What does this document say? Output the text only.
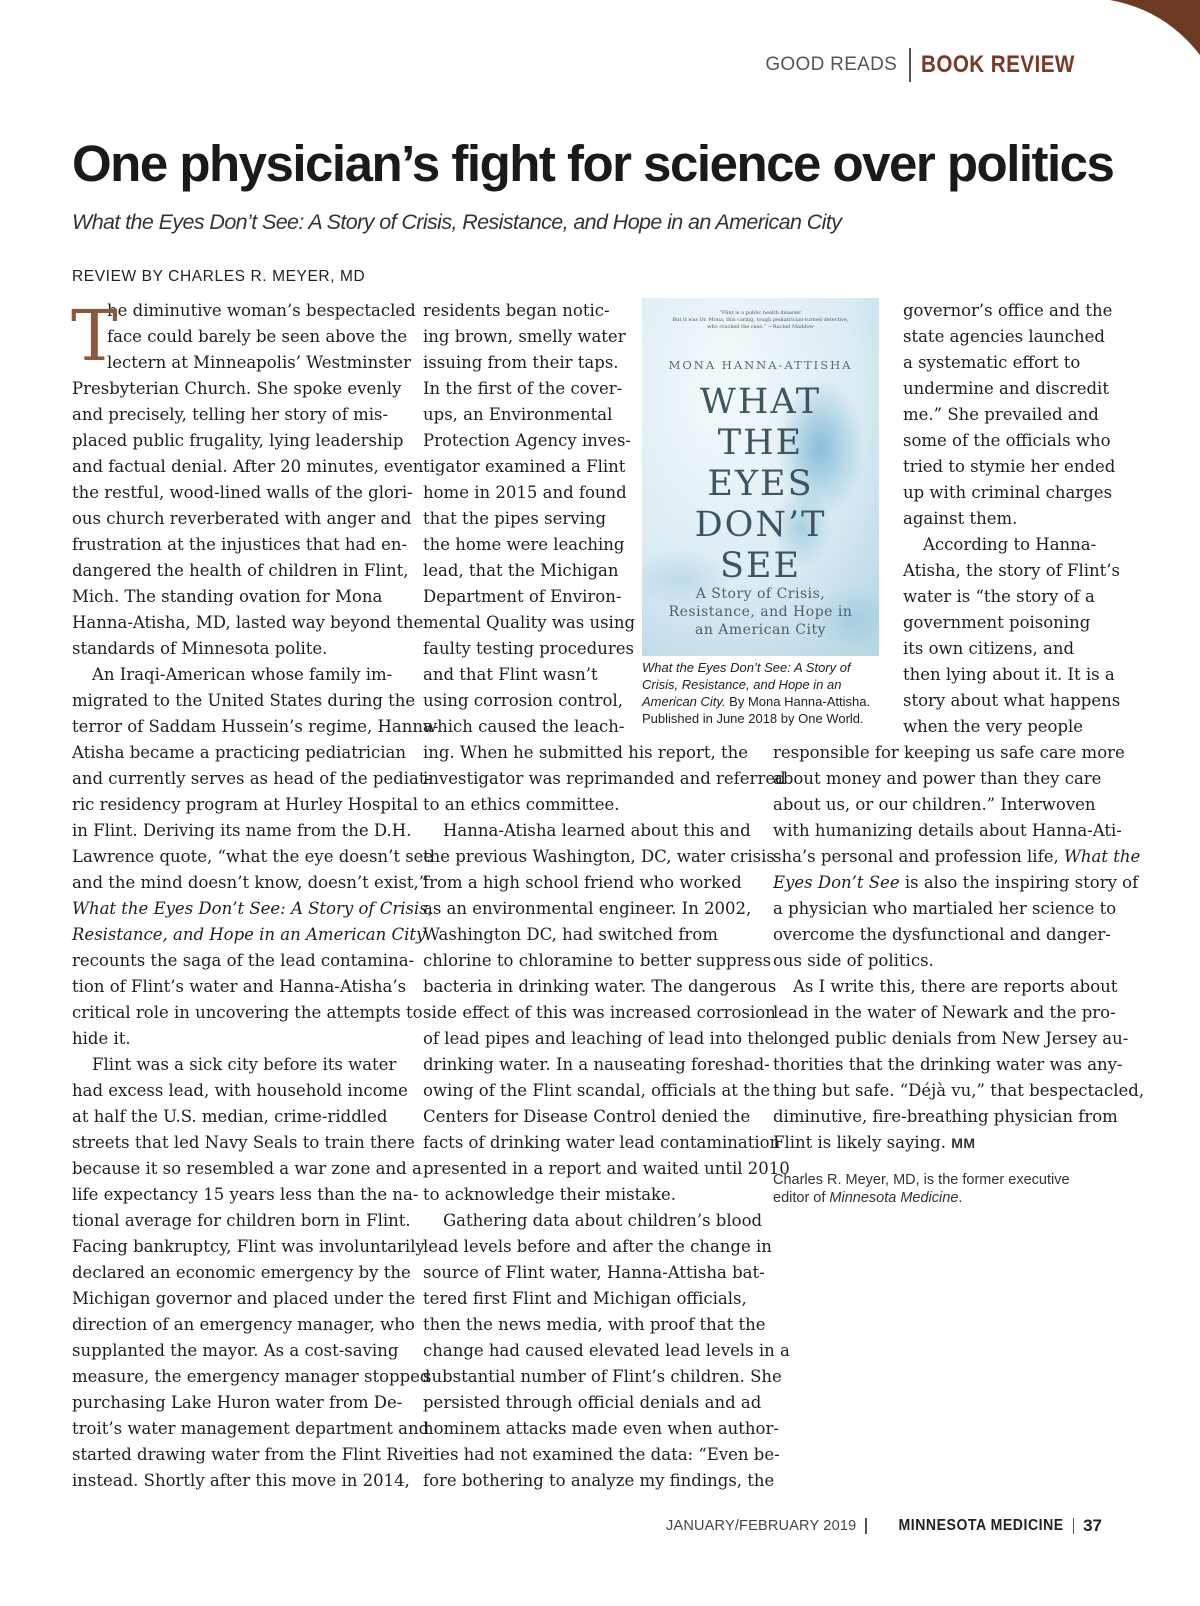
GOOD READS BOOK REVIEW
One physician’s fight for science over politics
What the Eyes Don’t See: A Story of Crisis, Resistance, and Hope in an American City
REVIEW BY CHARLES R. MEYER, MD
T
he diminutive woman’s bespectacled
face could barely be seen above the
lectern at Minneapolis’ Westminster
Presbyterian Church. She spoke evenly
and precisely, telling her story of mis-
placed public frugality, lying leadership
and factual denial. After 20 minutes, even
the restful, wood-lined walls of the glori-
ous church reverberated with anger and
frustration at the injustices that had en-
dangered the health of children in Flint,
Mich. The standing ovation for Mona
Hanna-Atisha, MD, lasted way beyond the
standards of Minnesota polite.
An Iraqi-American whose family im-
migrated to the United States during the
terror of Saddam Hussein’s regime, Hanna-
Atisha became a practicing pediatrician
and currently serves as head of the pediat-
ric residency program at Hurley Hospital
in Flint. Deriving its name from the D.H.
Lawrence quote, “what the eye doesn’t see
and the mind doesn’t know, doesn’t exist,”
What the Eyes Don’t See: A Story of Crisis,
Resistance, and Hope in an American City
recounts the saga of the lead contamina-
tion of Flint’s water and Hanna-Atisha’s
critical role in uncovering the attempts to
hide it.
Flint was a sick city before its water
had excess lead, with household income
at half the U.S. median, crime-riddled
streets that led Navy Seals to train there
because it so resembled a war zone and a
life expectancy 15 years less than the na-
tional average for children born in Flint.
Facing bankruptcy, Flint was involuntarily
declared an economic emergency by the
Michigan governor and placed under the
direction of an emergency manager, who
supplanted the mayor. As a cost-saving
measure, the emergency manager stopped
purchasing Lake Huron water from De-
troit’s water management department and
started drawing water from the Flint River
instead. Shortly after this move in 2014,
residents began notic-
ing brown, smelly water
issuing from their taps.
In the first of the cover-
ups, an Environmental
Protection Agency inves-
tigator examined a Flint
home in 2015 and found
that the pipes serving
the home were leaching
lead, that the Michigan
Department of Environ-
mental Quality was using
faulty testing procedures
and that Flint wasn’t
using corrosion control,
which caused the leach-
ing. When he submitted his report, the
investigator was reprimanded and referred
to an ethics committee.
Hanna-Atisha learned about this and
the previous Washington, DC, water crisis
from a high school friend who worked
as an environmental engineer. In 2002,
Washington DC, had switched from
chlorine to chloramine to better suppress
bacteria in drinking water. The dangerous
side effect of this was increased corrosion
of lead pipes and leaching of lead into the
drinking water. In a nauseating foreshad-
owing of the Flint scandal, officials at the
Centers for Disease Control denied the
facts of drinking water lead contamination
presented in a report and waited until 2010
to acknowledge their mistake.
Gathering data about children’s blood
lead levels before and after the change in
source of Flint water, Hanna-Attisha bat-
tered first Flint and Michigan officials,
then the news media, with proof that the
change had caused elevated lead levels in a
substantial number of Flint’s children. She
persisted through official denials and ad
hominem attacks made even when author-
ities had not examined the data: “Even be-
fore bothering to analyze my findings, the
governor’s office and the
state agencies launched
a systematic effort to
undermine and discredit
me.” She prevailed and
some of the officials who
tried to stymie her ended
up with criminal charges
against them.
According to Hanna-
Atisha, the story of Flint’s
water is “the story of a
government poisoning
its own citizens, and
then lying about it. It is a
story about what happens
when the very people
responsible for keeping us safe care more
about money and power than they care
about us, or our children.” Interwoven
with humanizing details about Hanna-Ati-
sha’s personal and profession life, What the
Eyes Don’t See is also the inspiring story of
a physician who martialed her science to
overcome the dysfunctional and danger-
ous side of politics.
As I write this, there are reports about
lead in the water of Newark and the pro-
longed public denials from New Jersey au-
thorities that the drinking water was any-
thing but safe. “Déjà vu,” that bespectacled,
diminutive, fire-breathing physician from
Flint is likely saying. MM
“Flint is a public health disaster.
But it was Dr. Mona, this caring, tough pediatrician-turned detective,
who cracked the case.” —Rachel Maddow
MONA HANNA-ATTISHA
WHAT
THE
EYES
DON’T
SEE
A Story of Crisis,
Resistance, and Hope in
an American City
What the Eyes Don’t See: A Story of
Crisis, Resistance, and Hope in an
American City. By Mona Hanna-Attisha.
Published in June 2018 by One World.
Charles R. Meyer, MD, is the former executive
editor of Minnesota Medicine.
JANUARY/FEBRUARY 2019	MINNESOTA MEDICINE 37
